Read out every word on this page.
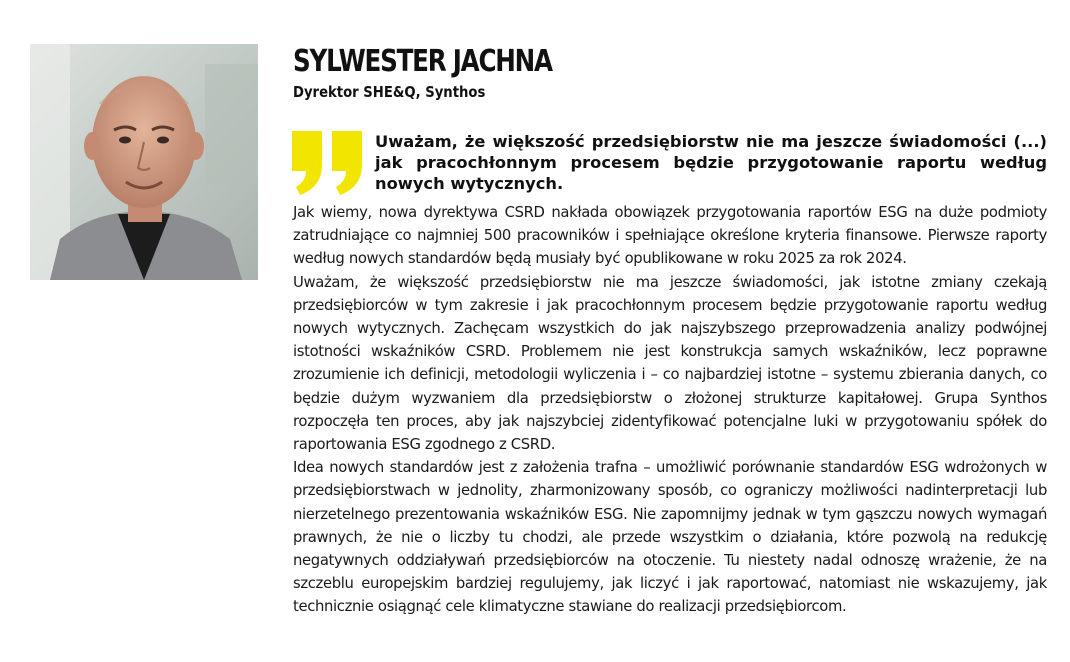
SYLWESTER JACHNA
Dyrektor SHE&Q, Synthos

Uważam, że większość przedsiębiorstw nie ma jeszcze świadomości (...) jak pracochłonnym procesem będzie przygotowanie raportu według nowych wytycznych.

Jak wiemy, nowa dyrektywa CSRD nakłada obowiązek przygotowania raportów ESG na duże podmioty zatrudniające co najmniej 500 pracowników i spełniające określone kryteria finansowe. Pierwsze raporty według nowych standardów będą musiały być opublikowane w roku 2025 za rok 2024.

Uważam, że większość przedsiębiorstw nie ma jeszcze świadomości, jak istotne zmiany czekają przedsiębiorców w tym zakresie i jak pracochłonnym procesem będzie przygotowanie raportu według nowych wytycznych. Zachęcam wszystkich do jak najszybszego przeprowadzenia analizy podwójnej istotności wskaźników CSRD. Problemem nie jest konstrukcja samych wskaźników, lecz poprawne zrozumienie ich definicji, metodologii wyliczenia i – co najbardziej istotne – systemu zbierania danych, co będzie dużym wyzwaniem dla przedsiębiorstw o złożonej strukturze kapitałowej. Grupa Synthos rozpoczęła ten proces, aby jak najszybciej zidentyfikować potencjalne luki w przygotowaniu spółek do raportowania ESG zgodnego z CSRD.

Idea nowych standardów jest z założenia trafna – umożliwić porównanie standardów ESG wdrożonych w przedsiębiorstwach w jednolity, zharmonizowany sposób, co ograniczy możliwości nadinterpretacji lub nierzetelnego prezentowania wskaźników ESG. Nie zapomnijmy jednak w tym gąszczu nowych wymagań prawnych, że nie o liczby tu chodzi, ale przede wszystkim o działania, które pozwolą na redukcję negatywnych oddziaływań przedsiębiorców na otoczenie. Tu niestety nadal odnoszę wrażenie, że na szczeblu europejskim bardziej regulujemy, jak liczyć i jak raportować, natomiast nie wskazujemy, jak technicznie osiągnąć cele klimatyczne stawiane do realizacji przedsiębiorcom.
